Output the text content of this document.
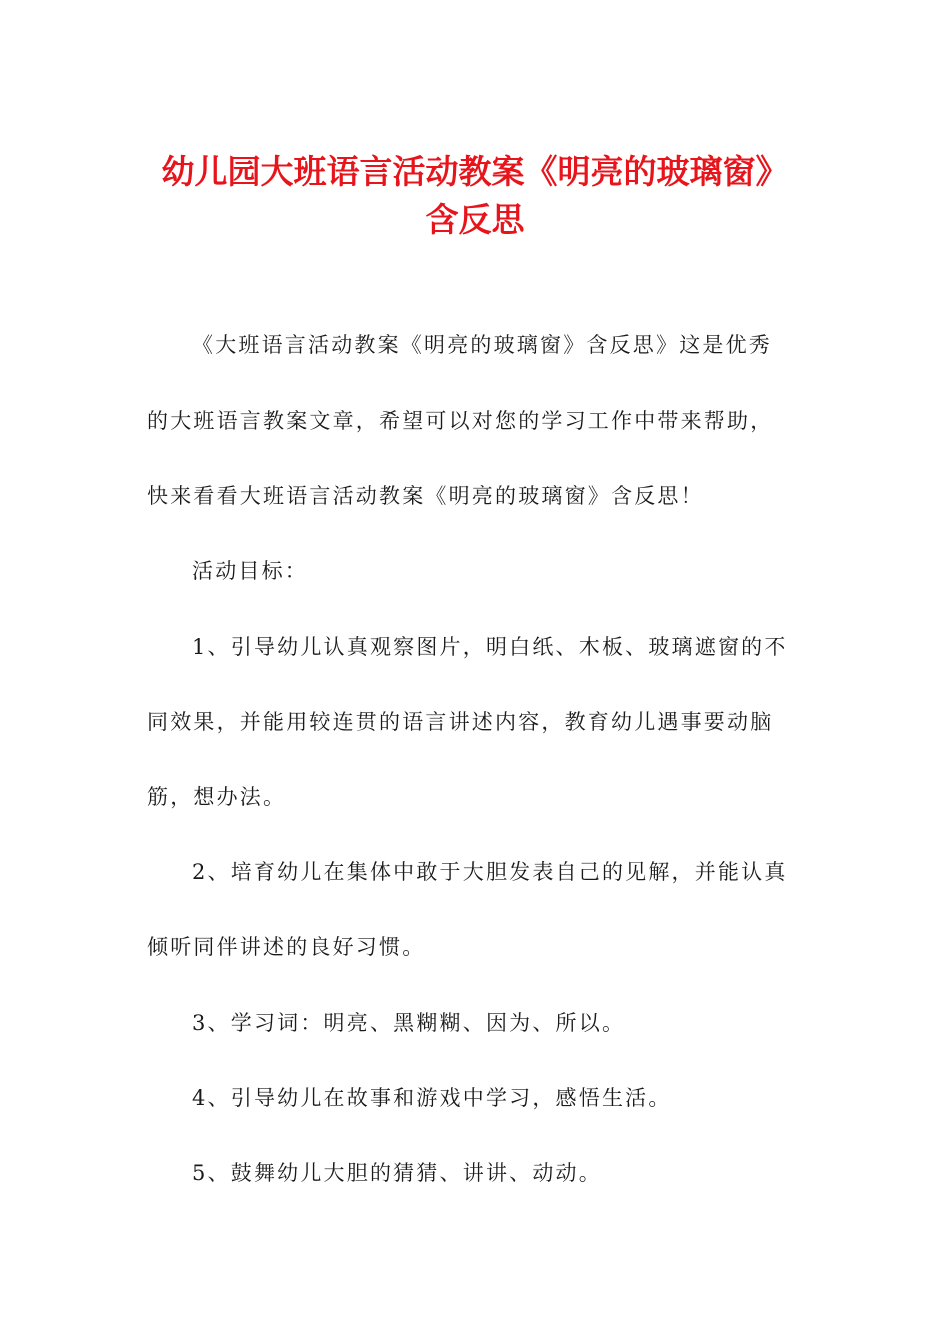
幼儿园大班语言活动教案《明亮的玻璃窗》
含反思

《大班语言活动教案《明亮的玻璃窗》含反思》这是优秀

的大班语言教案文章，希望可以对您的学习工作中带来帮助，

快来看看大班语言活动教案《明亮的玻璃窗》含反思！

活动目标：

1、引导幼儿认真观察图片，明白纸、木板、玻璃遮窗的不

同效果，并能用较连贯的语言讲述内容，教育幼儿遇事要动脑

筋，想办法。

2、培育幼儿在集体中敢于大胆发表自己的见解，并能认真

倾听同伴讲述的良好习惯。

3、学习词：明亮、黑糊糊、因为、所以。

4、引导幼儿在故事和游戏中学习，感悟生活。

5、鼓舞幼儿大胆的猜猜、讲讲、动动。
